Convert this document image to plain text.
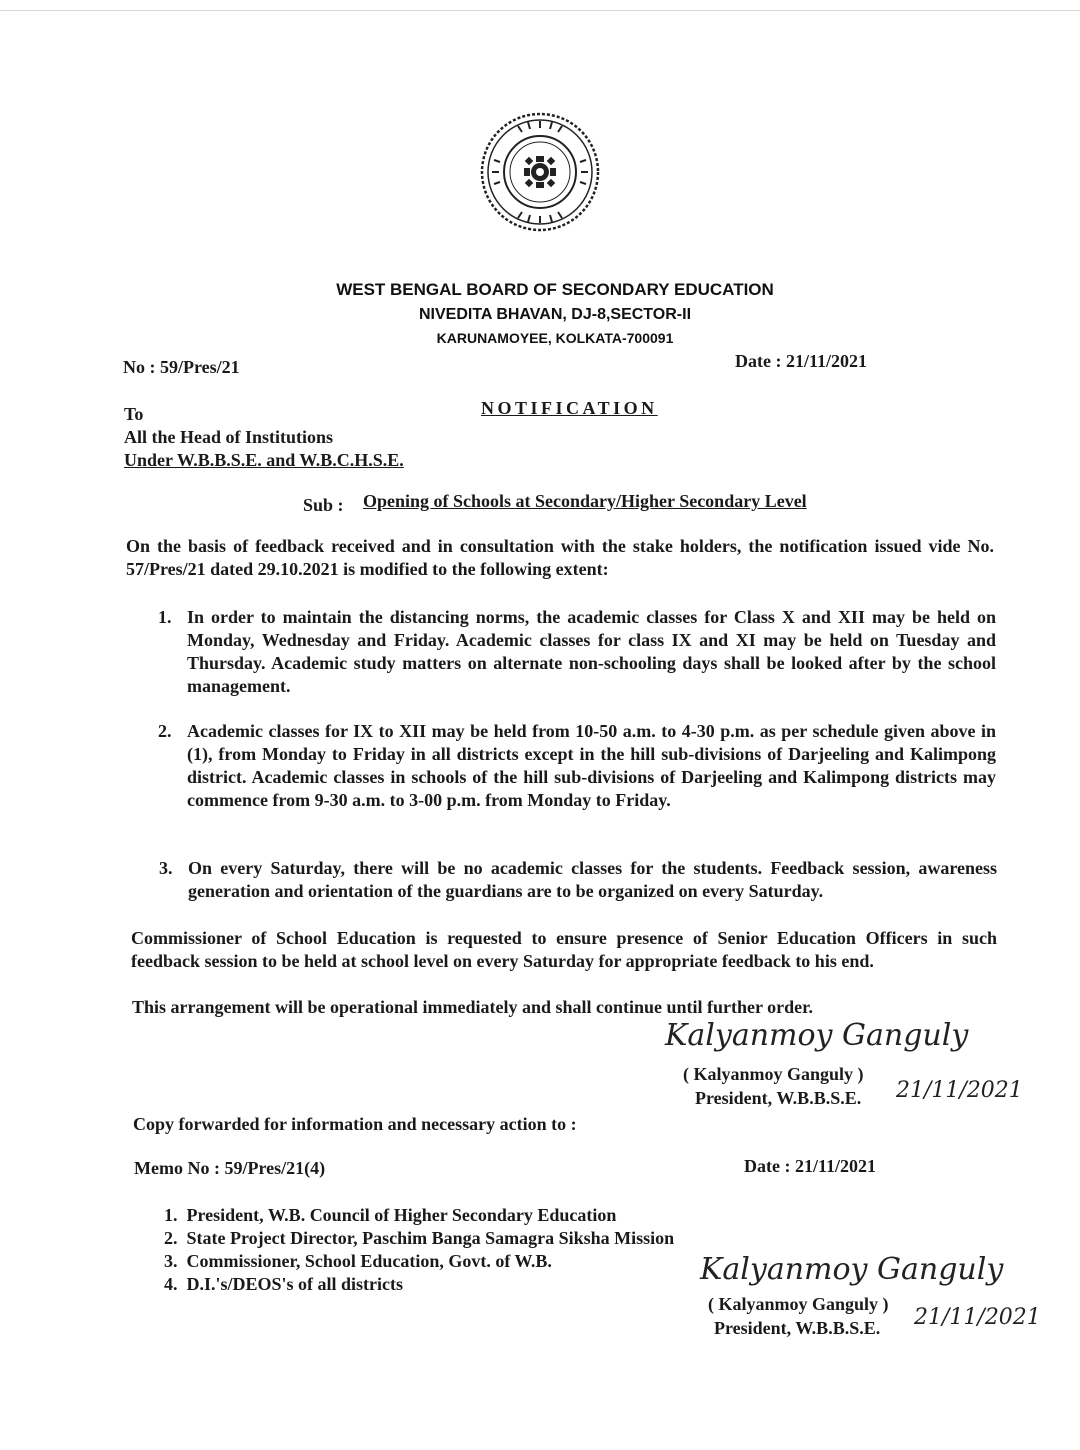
WEST BENGAL BOARD OF SECONDARY EDUCATION
NIVEDITA BHAVAN, DJ-8,SECTOR-II
KARUNAMOYEE, KOLKATA-700091
No : 59/Pres/21	Date : 21/11/2021
NOTIFICATION
To
All the Head of Institutions
Under W.B.B.S.E. and W.B.C.H.S.E.
Sub : Opening of Schools at Secondary/Higher Secondary Level
On the basis of feedback received and in consultation with the stake holders, the notification issued vide No. 57/Pres/21 dated 29.10.2021 is modified to the following extent:
1. In order to maintain the distancing norms, the academic classes for Class X and XII may be held on Monday, Wednesday and Friday. Academic classes for class IX and XI may be held on Tuesday and Thursday. Academic study matters on alternate non-schooling days shall be looked after by the school management.
2. Academic classes for IX to XII may be held from 10-50 a.m. to 4-30 p.m. as per schedule given above in (1), from Monday to Friday in all districts except in the hill sub-divisions of Darjeeling and Kalimpong district. Academic classes in schools of the hill sub-divisions of Darjeeling and Kalimpong districts may commence from 9-30 a.m. to 3-00 p.m. from Monday to Friday.
3. On every Saturday, there will be no academic classes for the students. Feedback session, awareness generation and orientation of the guardians are to be organized on every Saturday.
Commissioner of School Education is requested to ensure presence of Senior Education Officers in such feedback session to be held at school level on every Saturday for appropriate feedback to his end.
This arrangement will be operational immediately and shall continue until further order.
Kalyanmoy Ganguly
( Kalyanmoy Ganguly )
President, W.B.B.S.E. 21/11/2021
Copy forwarded for information and necessary action to :
Memo No : 59/Pres/21(4)	Date : 21/11/2021
1. President, W.B. Council of Higher Secondary Education
2. State Project Director, Paschim Banga Samagra Siksha Mission
3. Commissioner, School Education, Govt. of W.B.
4. D.I.'s/DEOS's of all districts	Kalyanmoy Ganguly
( Kalyanmoy Ganguly )
President, W.B.B.S.E. 21/11/2021
